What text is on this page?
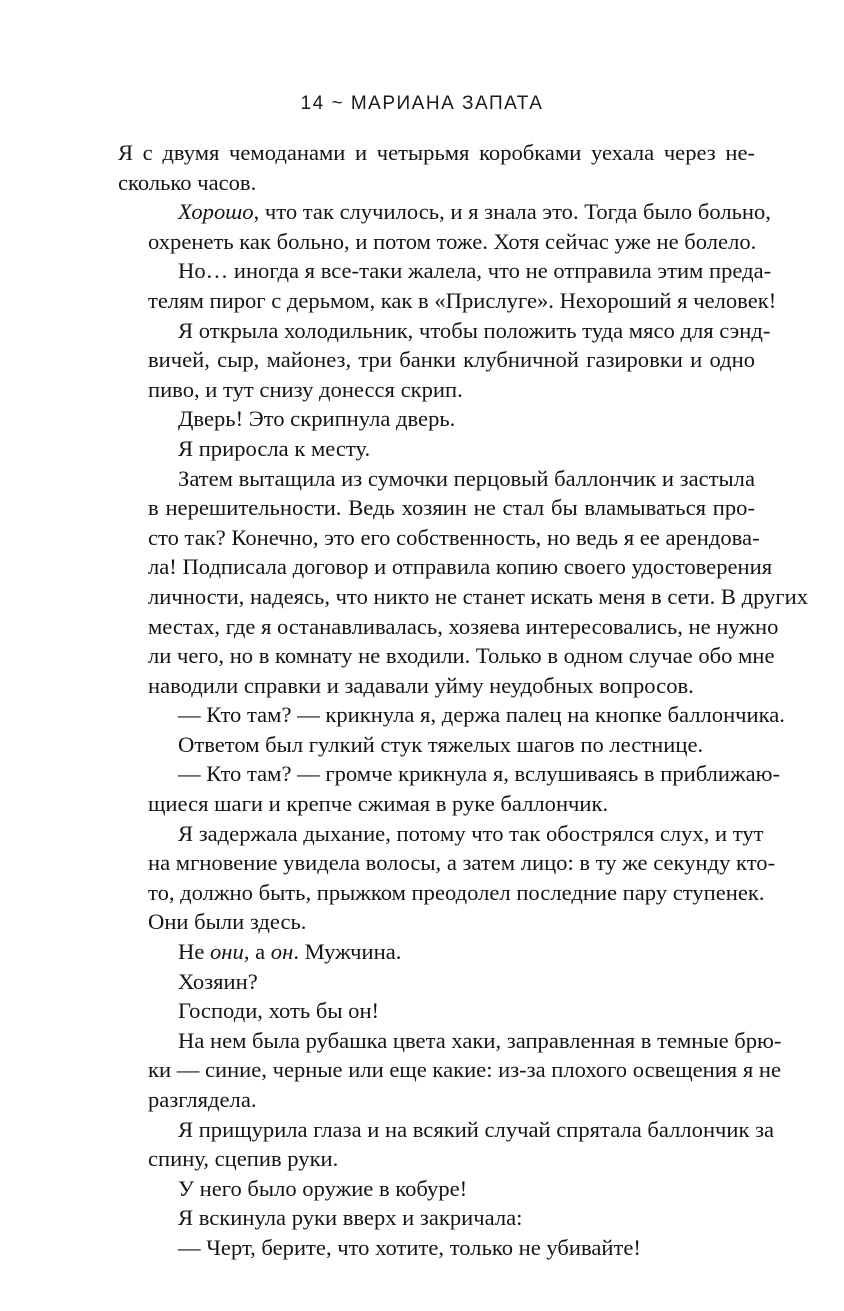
14 ~ МАРИАНА ЗАПАТА
Я с двумя чемоданами и четырьмя коробками уехала через не-
сколько часов.
Хорошо, что так случилось, и я знала это. Тогда было больно,
охренеть как больно, и потом тоже. Хотя сейчас уже не болело.
Но… иногда я все-таки жалела, что не отправила этим преда-
телям пирог с дерьмом, как в «Прислуге». Нехороший я человек!
Я открыла холодильник, чтобы положить туда мясо для сэнд-
вичей, сыр, майонез, три банки клубничной газировки и одно
пиво, и тут снизу донесся скрип.
Дверь! Это скрипнула дверь.
Я приросла к месту.
Затем вытащила из сумочки перцовый баллончик и застыла
в нерешительности. Ведь хозяин не стал бы вламываться про-
сто так? Конечно, это его собственность, но ведь я ее арендова-
ла! Подписала договор и отправила копию своего удостоверения
личности, надеясь, что никто не станет искать меня в сети. В других
местах, где я останавливалась, хозяева интересовались, не нужно
ли чего, но в комнату не входили. Только в одном случае обо мне
наводили справки и задавали уйму неудобных вопросов.
— Кто там? — крикнула я, держа палец на кнопке баллончика.
Ответом был гулкий стук тяжелых шагов по лестнице.
— Кто там? — громче крикнула я, вслушиваясь в приближаю-
щиеся шаги и крепче сжимая в руке баллончик.
Я задержала дыхание, потому что так обострялся слух, и тут
на мгновение увидела волосы, а затем лицо: в ту же секунду кто-
то, должно быть, прыжком преодолел последние пару ступенек.
Они были здесь.
Не они, а он. Мужчина.
Хозяин?
Господи, хоть бы он!
На нем была рубашка цвета хаки, заправленная в темные брю-
ки — синие, черные или еще какие: из-за плохого освещения я не
разглядела.
Я прищурила глаза и на всякий случай спрятала баллончик за
спину, сцепив руки.
У него было оружие в кобуре!
Я вскинула руки вверх и закричала:
— Черт, берите, что хотите, только не убивайте!
